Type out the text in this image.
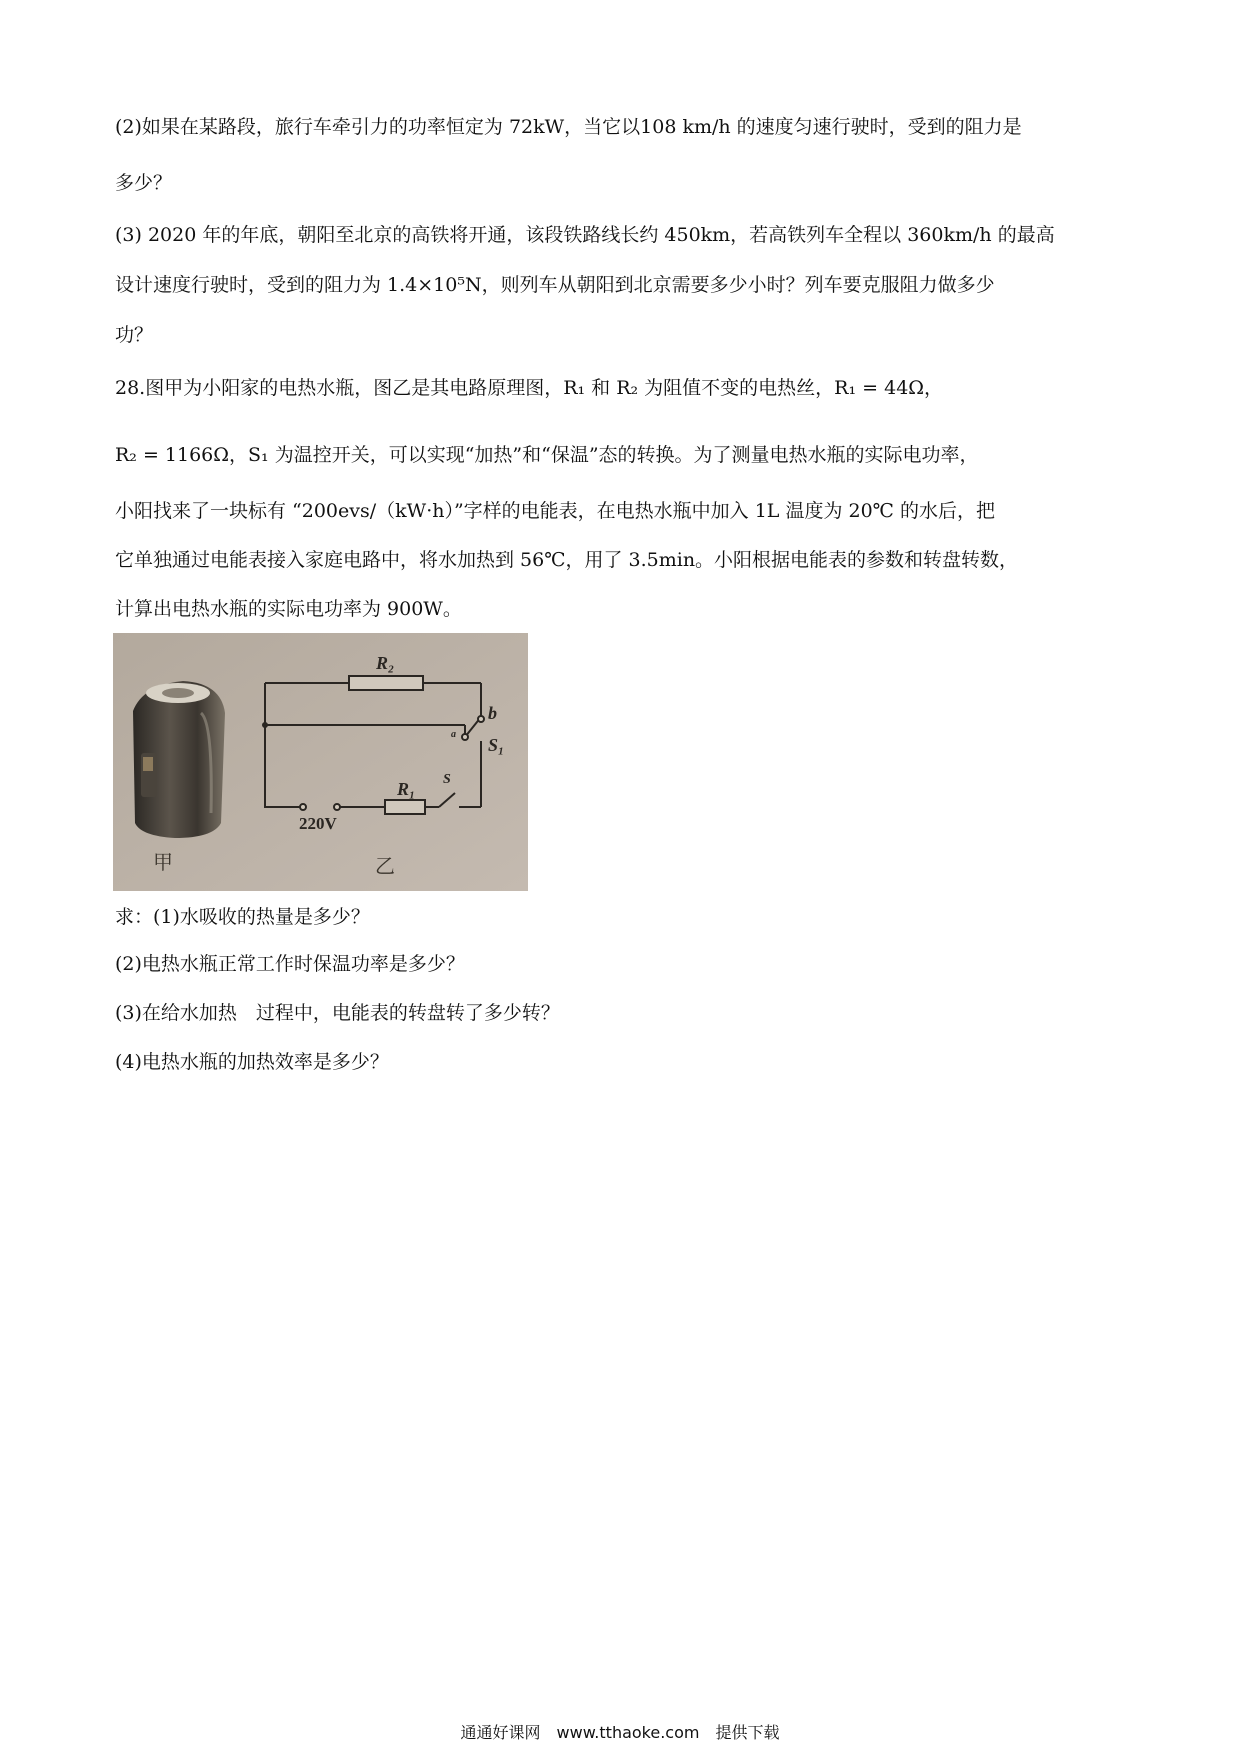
(2)如果在某路段，旅行车牵引力的功率恒定为 72kW，当它以108 km/h 的速度匀速行驶时，受到的阻力是
多少？
(3) 2020 年的年底，朝阳至北京的高铁将开通，该段铁路线长约 450km，若高铁列车全程以 360km/h 的最高
设计速度行驶时，受到的阻力为 1.4×10⁵N，则列车从朝阳到北京需要多少小时？列车要克服阻力做多少
功？
28.图甲为小阳家的电热水瓶，图乙是其电路原理图，R₁ 和 R₂ 为阻值不变的电热丝，R₁ = 44Ω，
R₂ = 1166Ω，S₁ 为温控开关，可以实现“加热”和“保温”态的转换。为了测量电热水瓶的实际电功率，
小阳找来了一块标有 “200evs/（kW·h）”字样的电能表，在电热水瓶中加入 1L 温度为 20℃ 的水后，把
它单独通过电能表接入家庭电路中，将水加热到 56℃，用了 3.5min。小阳根据电能表的参数和转盘转数，
计算出电热水瓶的实际电功率为 900W。
R₂
R₁
b
a
S₁
S
220V
甲	乙
求：(1)水吸收的热量是多少？
(2)电热水瓶正常工作时保温功率是多少？
(3)在给水加热　过程中，电能表的转盘转了多少转？
(4)电热水瓶的加热效率是多少？
通通好课网　www.tthaoke.com　提供下载
